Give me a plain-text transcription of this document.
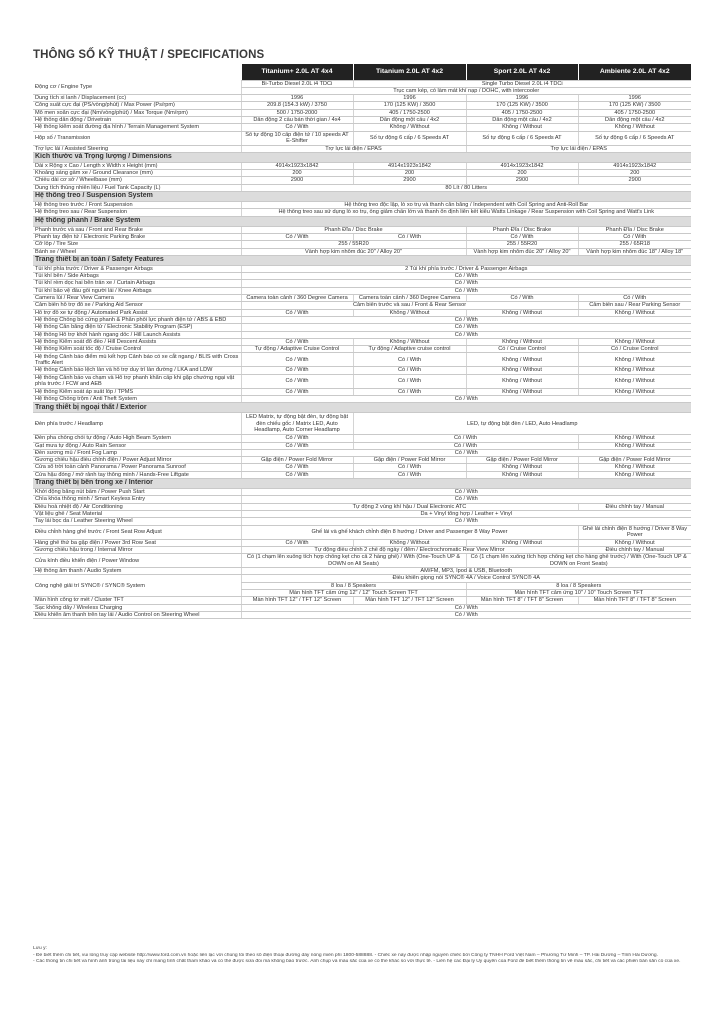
THÔNG SỐ KỸ THUẬT / SPECIFICATIONS
	Titanium+ 2.0L AT 4x4	Titanium 2.0L AT 4x2	Sport 2.0L AT 4x2	Ambiente 2.0L AT 4x2
Động cơ / Engine Type	Bi-Turbo Diesel 2.0L i4 TDCi	Single Turbo Diesel 2.0L i4 TDCi		
	Trục cam kép, có làm mát khí nạp / DOHC, with intercooler			
Dung tích xi lanh / Displacement (cc)	1996	1996	1996	1996
Công suất cực đại (PS/vòng/phút) / Max Power (Ps/rpm)	209.8 (154.3 kW) / 3750	170 (125 KW) / 3500	170 (125 KW) / 3500	170 (125 KW) / 3500
Mô men xoắn cực đại (Nm/vòng/phút) / Max Torque (Nm/rpm)	500 / 1750-2000	405 / 1750-2500	405 / 1750-2500	405 / 1750-2500
Hệ thống dẫn động / Drivetrain	Dẫn động 2 cầu bán thời gian / 4x4	Dẫn động một cầu / 4x2	Dẫn động một cầu / 4x2	Dẫn động một cầu / 4x2
Hệ thống kiểm soát đường địa hình / Terrain Management System	Có / With	Không / Without	Không / Without	Không / Without
Hộp số / Transmission	Số tự động 10 cấp điện tử / 10 speeds AT E-Shifter	Số tự động 6 cấp / 6 Speeds AT	Số tự động 6 cấp / 6 Speeds AT	Số tự động 6 cấp / 6 Speeds AT
Trợ lực lái / Assisted Steering	Trợ lực lái điện / EPAS		Trợ lực lái điện / EPAS	
Kích thước và Trọng lượng / Dimensions				
Dài x Rộng x Cao / Length x Width x Height (mm)	4914x1923x1842	4914x1923x1842	4914x1923x1842	4914x1923x1842
Khoảng sáng gầm xe / Ground Clearance (mm)	200	200	200	200
Chiều dài cơ sở / Wheelbase (mm)	2900	2900	2900	2900
Dung tích thùng nhiên liệu / Fuel Tank Capacity (L)	80 Lít / 80 Litters			
Hệ thống treo / Suspension System				
Hệ thống treo trước / Front Suspension	Hệ thống treo độc lập, lò xo trụ và thanh cân bằng / Independent with Coil Spring and Anti-Roll Bar			
Hệ thống treo sau / Rear Suspension	Hệ thống treo sau sử dụng lò xo trụ, ống giảm chấn lớn và thanh ổn định liên kết kiểu Watts Linkage / Rear Suspension with Coil Spring and Watt's Link			
Hệ thống phanh / Brake System				
Phanh trước và sau / Front and Rear Brake	Phanh Đĩa / Disc Brake		Phanh Đĩa / Disc Brake	Phanh Đĩa / Disc Brake
Phanh tay điện tử / Electronic Parking Brake	Có / With	Có / With	Có / With	Có / With
Cỡ lốp / Tire Size	255 / 55R20		255 / 55R20	255 / 65R18
Bánh xe / Wheel	Vành hợp kim nhôm đúc 20" / Alloy 20"		Vành hợp kim nhôm đúc 20" / Alloy 20"	Vành hợp kim nhôm đúc 18" / Alloy 18"
Trang thiết bị an toàn / Safety Features				
Túi khí phía trước / Driver & Passenger Airbags	2 Túi khí phía trước / Driver & Passenger Airbags			
Túi khí bên / Side Airbags	Có / With			
Túi khí rèm dọc hai bên trần xe / Curtain Airbags	Có / With			
Túi khí bảo vệ đầu gối người lái / Knee Airbags	Có / With			
Camera lùi / Rear View Camera	Camera toàn cảnh / 360 Degree Camera	Camera toàn cảnh / 360 Degree Camera	Có / With	Có / With
Cảm biến hỗ trợ đỗ xe / Parking Aid Sensor	Cảm biến trước và sau / Front & Rear Sensor			Cảm biến sau / Rear Parking Sensor
Hỗ trợ đỗ xe tự động / Automated Park Assist	Có / With	Không / Without	Không / Without	Không / Without
Hệ thống Chống bó cứng phanh & Phân phối lực phanh điện tử / ABS & EBD	Có / With			
Hệ thống Cân bằng điện tử / Electronic Stability Program (ESP)	Có / With			
Hệ thống Hỗ trợ khởi hành ngang dốc / Hill Launch Assists	Có / With			
Hệ thống Kiểm soát đổ đèo / Hill Descent Assists	Có / With	Không / Without	Không / Without	Không / Without
Hệ thống Kiểm soát tốc độ / Cruise Control	Tự động / Adaptive Cruise Control	Tự động / Adaptive cruise control	Có / Cruise Control	Có / Cruise Control
Hệ thống Cảnh báo điểm mù kết hợp Cảnh báo có xe cắt ngang / BLIS with Cross Traffic Alert	Có / With	Có / With	Không / Without	Không / Without
Hệ thống Cảnh báo lệch làn và hỗ trợ duy trì làn đường / LKA and LDW	Có / With	Có / With	Không / Without	Không / Without
Hệ thống Cảnh báo va chạm và Hỗ trợ phanh khẩn cấp khi gặp chướng ngại vật phía trước / FCW and AEB	Có / With	Có / With	Không / Without	Không / Without
Hệ thống Kiểm soát áp suất lốp / TPMS	Có / With	Có / With	Không / Without	Không / Without
Hệ thống Chống trộm / Anti Theft System	Có / With			
Trang thiết bị ngoại thất / Exterior				
Đèn phía trước / Headlamp	LED Matrix, tự động bật đèn, tự động bật đèn chiếu gốc / Matrix LED, Auto Headlamp, Auto Corner Headlamp	LED, tự động bật đèn / LED, Auto Headlamp		
Đèn pha chống chói tự động / Auto High Beam System	Có / With	Có / With		Không / Without
Gạt mưa tự động / Auto Rain Sensor	Có / With	Có / With		Không / Without
Đèn sương mù / Front Fog Lamp	Có / With			
Gương chiếu hậu điều chỉnh điện / Power Adjust Mirror	Gập điện / Power Fold Mirror	Gập điện / Power Fold Mirror	Gập điện / Power Fold Mirror	Gập điện / Power Fold Mirror
Cửa sổ trời toàn cảnh Panorama / Power Panorama Sunroof	Có / With	Có / With	Không / Without	Không / Without
Cửa hậu đóng / mở rảnh tay thông minh / Hands-Free Liftgate	Có / With	Có / With	Không / Without	Không / Without
Trang thiết bị bên trong xe / Interior				
Khởi động bằng nút bấm / Power Push Start	Có / With			
Chìa khóa thông minh / Smart Keyless Entry	Có / With			
Điều hoà nhiệt độ / Air Conditioning	Tự động 2 vùng khí hậu / Dual Electronic ATC			Điều chỉnh tay / Manual
Vật liệu ghế / Seat Material	Da + Vinyl tổng hợp / Leather + Vinyl			
Tay lái bọc da / Leather Steering Wheel	Có / With			
Điều chỉnh hàng ghế trước / Front Seat Row Adjust	Ghế lái và ghế khách chỉnh điện 8 hướng / Driver and Passenger 8 Way Power			Ghế lái chỉnh điện 8 hướng / Driver 8 Way Power
Hàng ghế thứ ba gập điện / Power 3rd Row Seat	Có / With	Không / Without	Không / Without	Không / Without
Gương chiếu hậu trong / Internal Mirror	Tự động điều chỉnh 2 chế độ ngày / đêm / Electrochromatic Rear View Mirror			Điều chỉnh tay / Manual
Cửa kính điều khiển điện / Power Window	Có (1 chạm lên xuống tích hợp chống kẹt cho cả 2 hàng ghế) / With (One-Touch UP & DOWN on All Seats)		Có (1 chạm lên xuống tích hợp chống kẹt cho hàng ghế trước) / With (One-Touch UP & DOWN on Front Seats)	
Hệ thống âm thanh / Audio System	AM/FM, MP3, Ipod & USB, Bluetooth			
Công nghệ giải trí SYNC® / SYNC® System	Điều khiển giọng nói SYNC® 4A / Voice Control SYNC® 4A			
	8 loa / 8 Speakers		8 loa / 8 Speakers	
	Màn hình TFT cảm ứng 12" / 12" Touch Screen TFT		Màn hình TFT cảm ứng 10" / 10" Touch Screen TFT	
Màn hình công tơ mét / Cluster TFT	Màn hình TFT 12" / TFT 12" Screen	Màn hình TFT 12" / TFT 12" Screen	Màn hình TFT 8" / TFT 8" Screen	Màn hình TFT 8" / TFT 8" Screen
Sạc không dây / Wireless Charging	Có / With			
Điều khiển âm thanh trên tay lái / Audio Control on Steering Wheel	Có / With			
Lưu ý:
- Để biết thêm chi tiết, vui lòng truy cập website http://www.ford.com.vn hoặc liên lạc với chúng tôi theo số điện thoại đường dây nóng miễn phí 1800-588888. - Chiếc xe này được nhập nguyên chiếc bởi Công ty TNHH Ford Việt Nam – Phường Tứ Minh – TP. Hải Dương – Tỉnh Hải Dương.
- Các thông tin chi tiết và hình ảnh trong tài liệu này chỉ mang tính chất tham khảo và có thể được sửa đổi mà không báo trước. Ảnh chụp và màu sắc của xe có thể khác so với thực tế. - Liên hệ các Đại lý Ủy quyền của Ford để biết thêm thông tin về màu sắc, chi tiết và các phiên bản sẵn có của xe.
